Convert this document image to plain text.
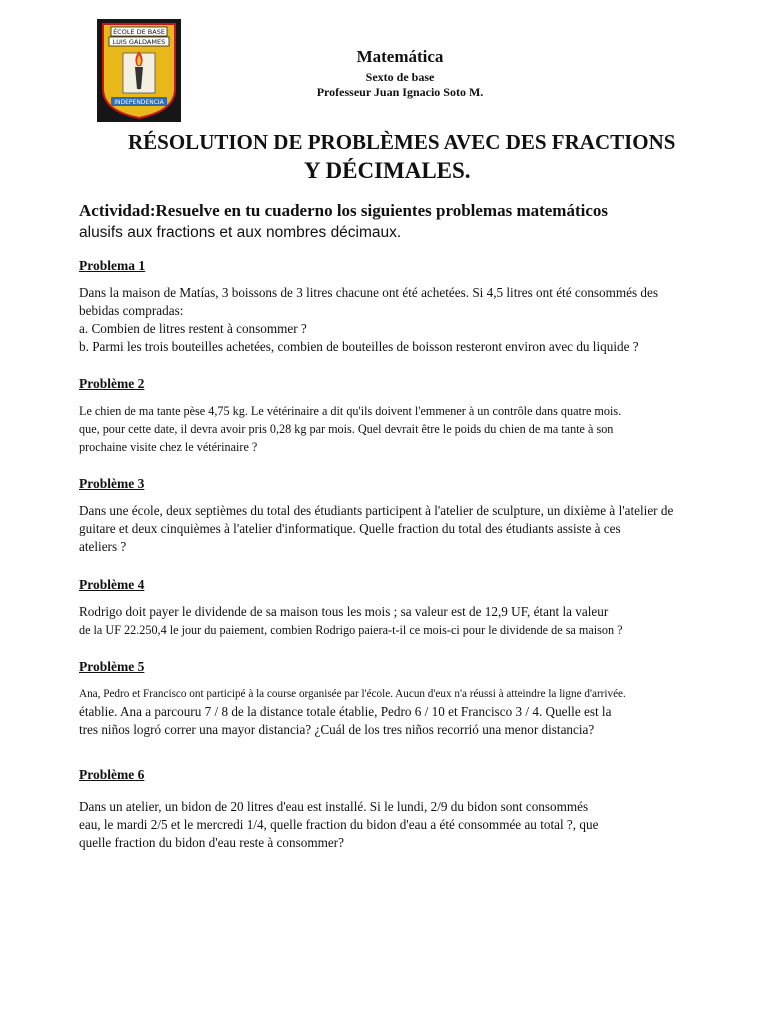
ÉCOLE DE BASE
LUIS GALDAMES
INDEPENDENCIA
Matemática
Sexto de base
Professeur Juan Ignacio Soto M.
RÉSOLUTION DE PROBLÈMES AVEC DES FRACTIONS
Y DÉCIMALES.
Actividad:Resuelve en tu cuaderno los siguientes problemas matemáticos
alusifs aux fractions et aux nombres décimaux.
Problema 1
Dans la maison de Matías, 3 boissons de 3 litres chacune ont été achetées. Si 4,5 litres ont été consommés des
bebidas compradas:
a. Combien de litres restent à consommer ?
b. Parmi les trois bouteilles achetées, combien de bouteilles de boisson resteront environ avec du liquide ?
Problème 2
Le chien de ma tante pèse 4,75 kg. Le vétérinaire a dit qu'ils doivent l'emmener à un contrôle dans quatre mois.
que, pour cette date, il devra avoir pris 0,28 kg par mois. Quel devrait être le poids du chien de ma tante à son
prochaine visite chez le vétérinaire ?
Problème 3
Dans une école, deux septièmes du total des étudiants participent à l'atelier de sculpture, un dixième à l'atelier de
guitare et deux cinquièmes à l'atelier d'informatique. Quelle fraction du total des étudiants assiste à ces
ateliers ?
Problème 4
Rodrigo doit payer le dividende de sa maison tous les mois ; sa valeur est de 12,9 UF, étant la valeur
de la UF 22.250,4 le jour du paiement, combien Rodrigo paiera-t-il ce mois-ci pour le dividende de sa maison ?
Problème 5
Ana, Pedro et Francisco ont participé à la course organisée par l'école. Aucun d'eux n'a réussi à atteindre la ligne d'arrivée.
établie. Ana a parcouru 7 / 8 de la distance totale établie, Pedro 6 / 10 et Francisco 3 / 4. Quelle est la
tres niños logró correr una mayor distancia? ¿Cuál de los tres niños recorrió una menor distancia?
Problème 6
Dans un atelier, un bidon de 20 litres d'eau est installé. Si le lundi, 2/9 du bidon sont consommés
eau, le mardi 2/5 et le mercredi 1/4, quelle fraction du bidon d'eau a été consommée au total ?, que
quelle fraction du bidon d'eau reste à consommer?
